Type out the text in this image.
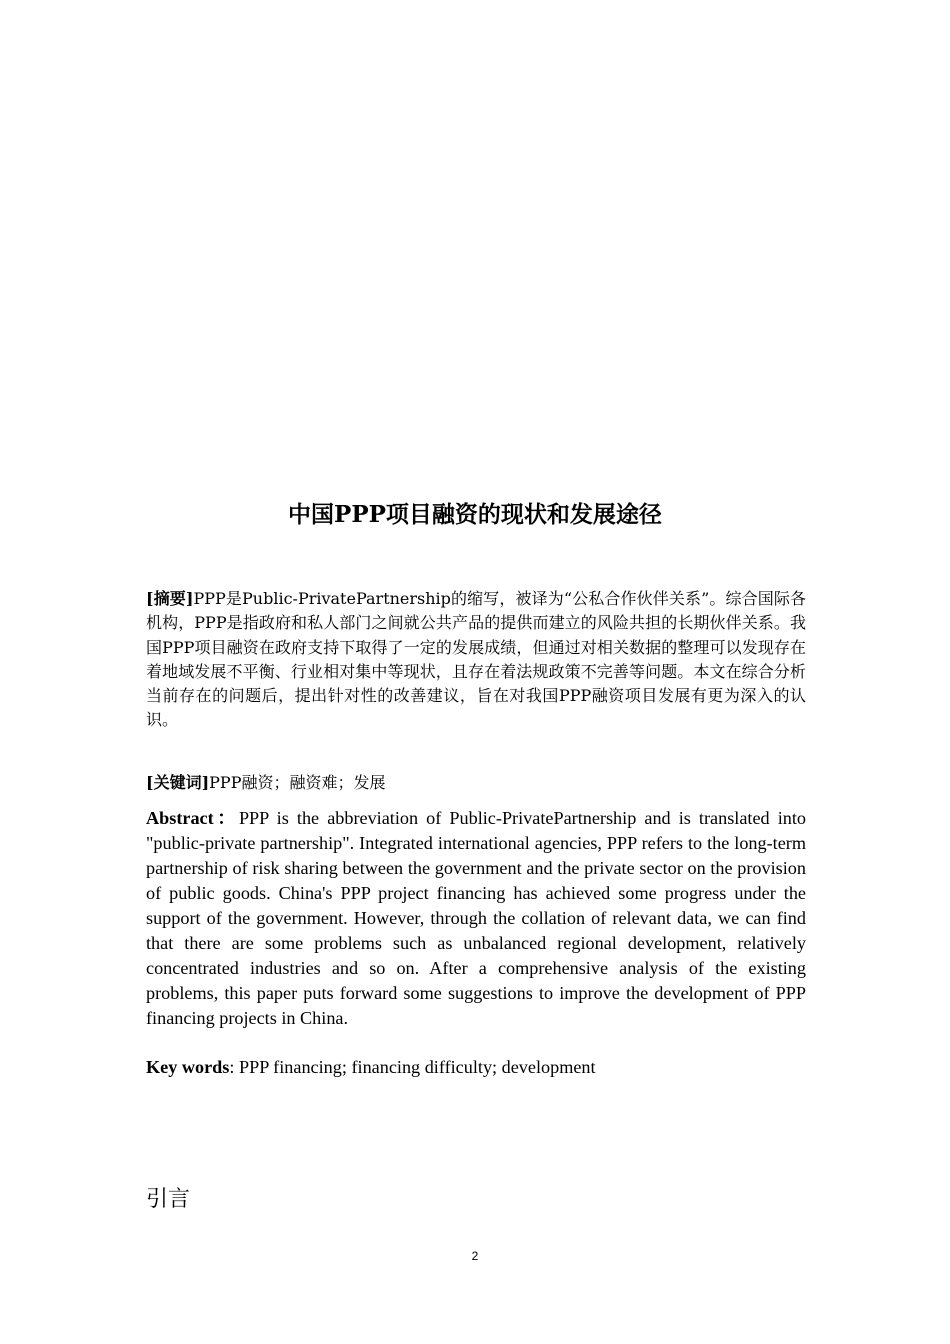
中国PPP项目融资的现状和发展途径

[摘要]PPP是Public-PrivatePartnership的缩写，被译为“公私合作伙伴关系”。综合国际各机构，PPP是指政府和私人部门之间就公共产品的提供而建立的风险共担的长期伙伴关系。我国PPP项目融资在政府支持下取得了一定的发展成绩，但通过对相关数据的整理可以发现存在着地域发展不平衡、行业相对集中等现状，且存在着法规政策不完善等问题。本文在综合分析当前存在的问题后，提出针对性的改善建议，旨在对我国PPP融资项目发展有更为深入的认识。

[关键词]PPP融资；融资难；发展

Abstract：PPP is the abbreviation of Public-PrivatePartnership and is translated into "public-private partnership". Integrated international agencies, PPP refers to the long-term partnership of risk sharing between the government and the private sector on the provision of public goods. China's PPP project financing has achieved some progress under the support of the government. However, through the collation of relevant data, we can find that there are some problems such as unbalanced regional development, relatively concentrated industries and so on. After a comprehensive analysis of the existing problems, this paper puts forward some suggestions to improve the development of PPP financing projects in China.

Key words: PPP financing; financing difficulty; development

引言
2
